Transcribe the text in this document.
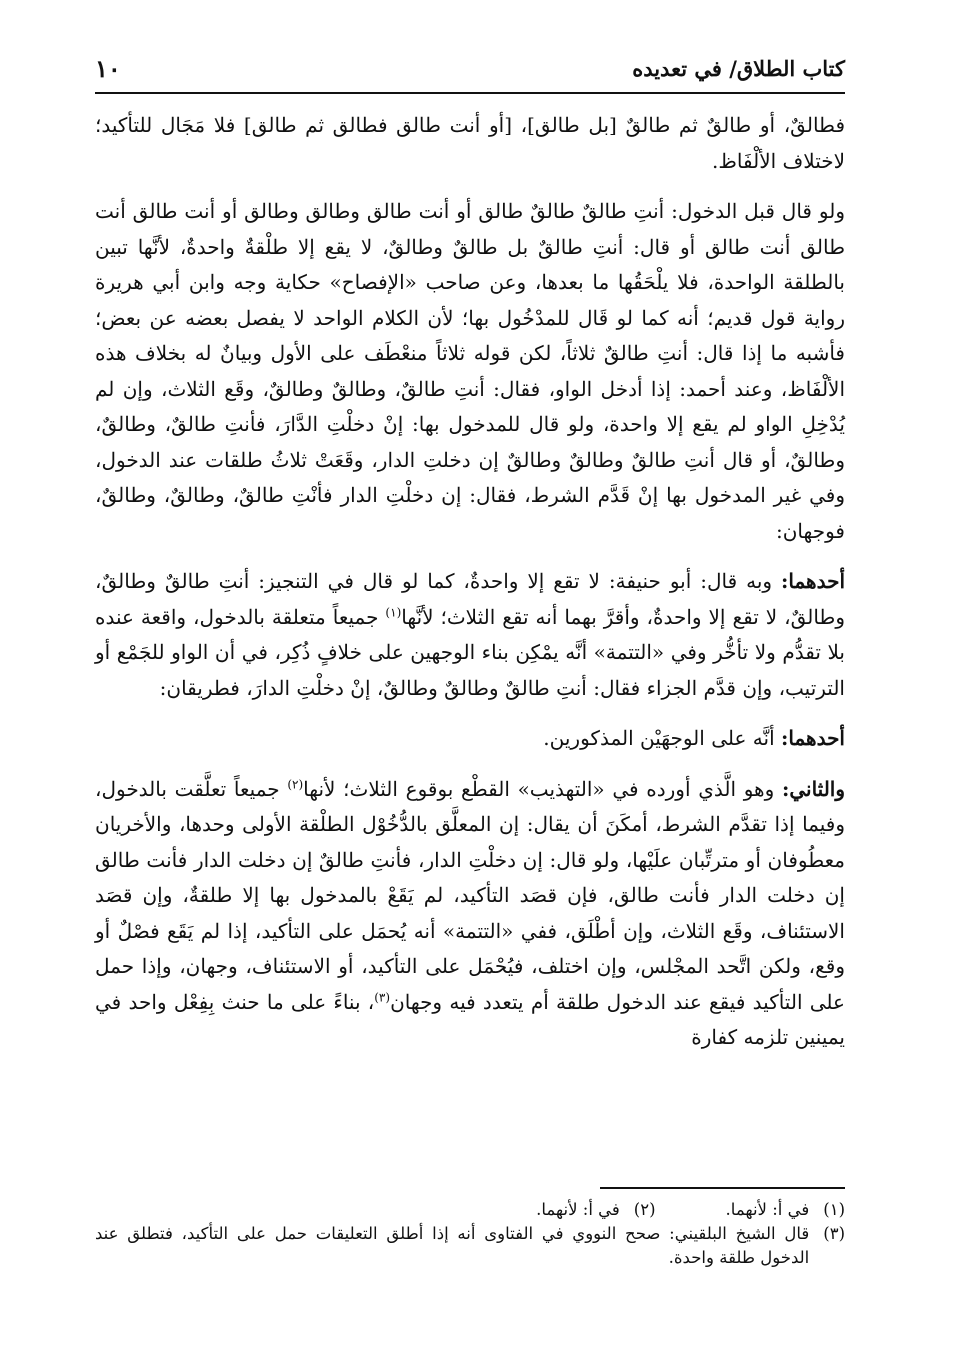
١٠	كتاب الطلاق/ في تعديده

فطالقٌ، أو طالقٌ ثم طالقٌ [بل طالق]، [أو أنت طالق فطالق ثم طالق] فلا مَجَال للتأكيد؛ لاختلاف الألْفَاظ.

ولو قال قبل الدخول: أنتِ طالقٌ طالقٌ طالق أو أنت طالق وطالق وطالق أو أنت طالق أنت طالق أنت طالق أو قال: أنتِ طالقٌ بل طالقٌ وطالقٌ، لا يقع إلا طلْقةٌ واحدةٌ، لأنَّها تبين بالطلقة الواحدة، فلا يلْحَقُها ما بعدها، وعن صاحب «الإفصاح» حكاية وجه وابن أبي هريرة رواية قول قديم؛ أنه كما لو قَال للمدْخُول بها؛ لأن الكلام الواحد لا يفصل بعضه عن بعض؛ فأشبه ما إذا قال: أنتِ طالقٌ ثلاثاً، لكن قوله ثلاثاً منعْطَف على الأول وبيانٌ له بخلاف هذه الألْفَاظ، وعند أحمد: إذا أدخل الواو، فقال: أنتِ طالقٌ، وطالقٌ وطالقٌ، وقَع الثلاث، وإن لم يُدْخِلِ الواو لم يقع إلا واحدة، ولو قال للمدخول بها: إنْ دخلْتِ الدَّارَ، فأنتِ طالقٌ، وطالقٌ، وطالقٌ، أو قال أنتِ طالقٌ وطالقٌ وطالقٌ إن دخلتِ الدار، وقَعَتْ ثلاثُ طلقات عند الدخول، وفي غير المدخول بها إنْ قَدَّم الشرط، فقال: إن دخلْتِ الدار فأنْتِ طالقٌ، وطالقٌ، وطالقٌ، فوجهان:

أحدهما: وبه قال: أبو حنيفة: لا تقع إلا واحدةٌ، كما لو قال في التنجيز: أنتِ طالقٌ وطالقٌ، وطالقٌ، لا تقع إلا واحدةٌ، وأقرَّ بهما أنه تقع الثلاث؛ لأنَّها$^{(١)}$ جميعاً متعلقة بالدخول، واقعة عنده بلا تقدُّم ولا تأخُّر وفي «التتمة» أنَّه يمْكِن بناء الوجهين على خلافٍ ذُكِر، في أن الواو للجَمْع أو الترتيب، وإن قدَّم الجزاء فقال: أنتِ طالقٌ وطالقٌ وطالقٌ، إنْ دخلْتِ الدارَ، فطريقان:

أحدهما: أنَّه على الوجهَيْن المذكورين.

والثاني: وهو الَّذي أورده في «التهذيب» القطْع بوقوع الثلاث؛ لأنها$^{(٢)}$ جميعاً تعلَّقت بالدخول، وفيما إذا تقدَّم الشرط، أمكَنَ أن يقال: إن المعلَّق بالدُّخُوْل الطلْقة الأولى وحدها، والأخريان معطُوفان أو مترتِّبان علَيْها، ولو قال: إن دخلْتِ الدار، فأنتِ طالقٌ إن دخلت الدار فأنت طالق إن دخلت الدار فأنت طالق، فإن قصَد التأكيد، لم يَقَعْ بالمدخول بها إلا طلقةٌ، وإن قصَد الاستئناف، وقَع الثلاث، وإن أطْلَق، ففي «التتمة» أنه يُحمَل على التأكيد، إذا لم يَقَع فصْلٌ أو وقع، ولكن اتَّحد المجْلس، وإن اختلف، فيُحْمَل على التأكيد، أو الاستئناف، وجهان، وإذا حمل على التأكيد فيقع عند الدخول طلقة أم يتعدد فيه وجهان$^{(٣)}$، بناءً على ما حنث بِفِعْل واحد في يمينين تلزمه كفارة

(١)
في أ: لأنهما.
(٢)
في أ: لأنهما.
(٣)
قال الشيخ البلقيني: صحح النووي في الفتاوى أنه إذا أطلق التعليقات حمل على التأكيد، فتطلق عند الدخول طلقة واحدة.
